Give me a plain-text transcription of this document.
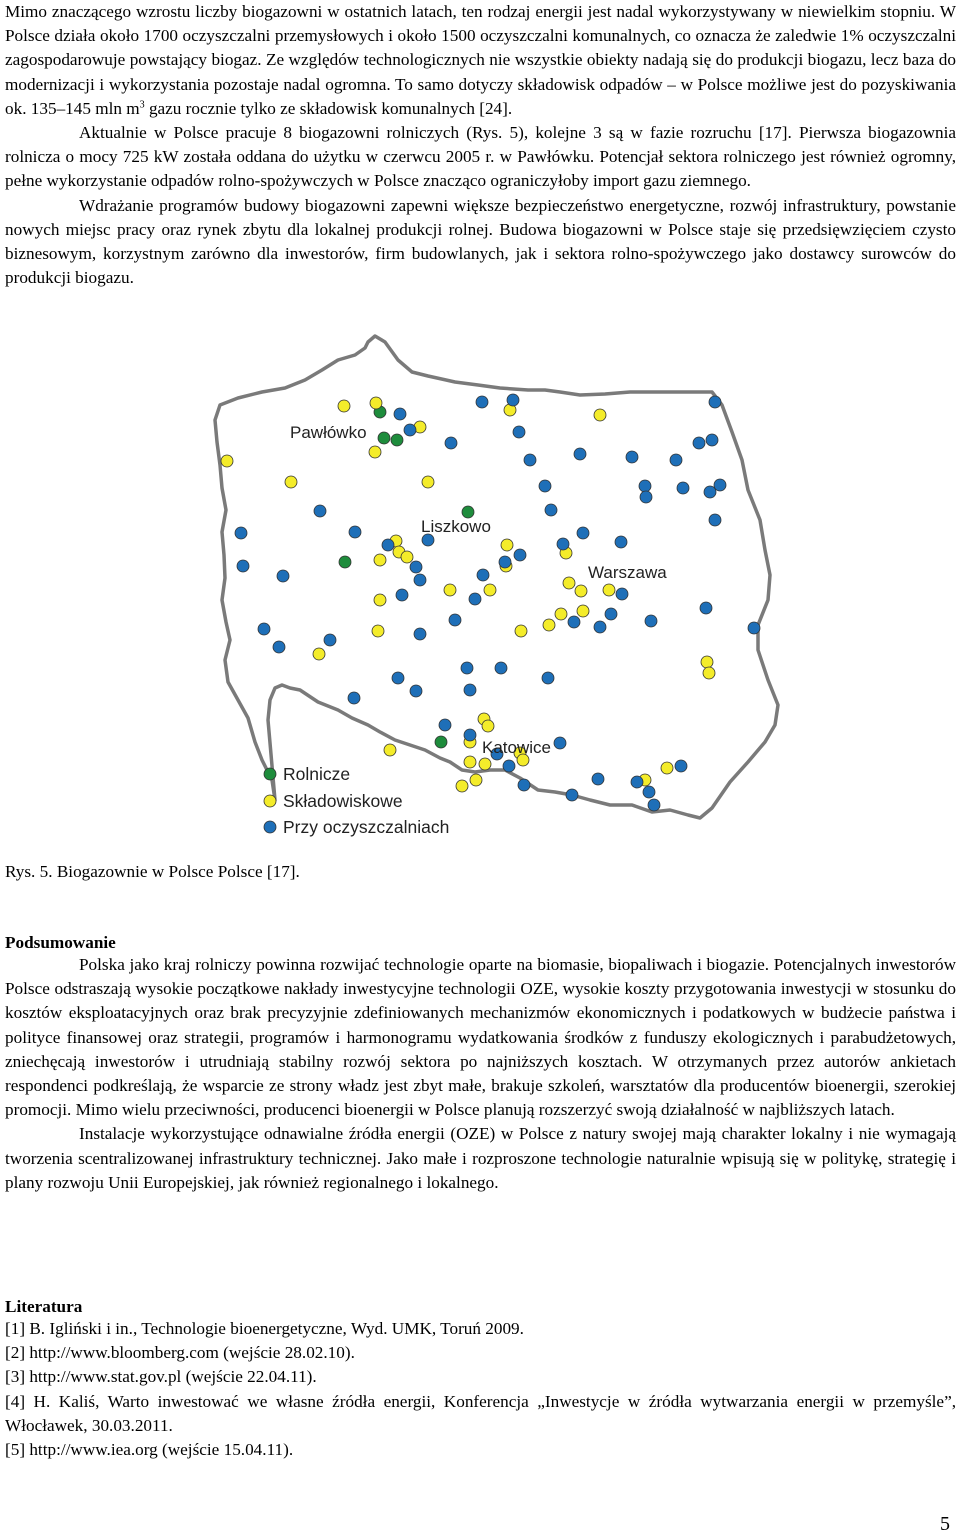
Mimo znaczącego wzrostu liczby biogazowni w ostatnich latach, ten rodzaj energii jest nadal wykorzystywany w niewielkim stopniu. W Polsce działa około 1700 oczyszczalni przemysłowych i około 1500 oczyszczalni komunalnych, co oznacza że zaledwie 1% oczyszczalni zagospodarowuje powstający biogaz. Ze względów technologicznych nie wszystkie obiekty nadają się do produkcji biogazu, lecz baza do modernizacji i wykorzystania pozostaje nadal ogromna. To samo dotyczy składowisk odpadów – w Polsce możliwe jest do pozyskiwania ok. 135–145 mln $m^3$ gazu rocznie tylko ze składowisk komunalnych [24].

Aktualnie w Polsce pracuje 8 biogazowni rolniczych (Rys. 5), kolejne 3 są w fazie rozruchu [17]. Pierwsza biogazownia rolnicza o mocy 725 kW została oddana do użytku w czerwcu 2005 r. w Pawłówku. Potencjał sektora rolniczego jest również ogromny, pełne wykorzystanie odpadów rolno-spożywczych w Polsce znacząco ograniczyłoby import gazu ziemnego.

Wdrażanie programów budowy biogazowni zapewni większe bezpieczeństwo energetyczne, rozwój infrastruktury, powstanie nowych miejsc pracy oraz rynek zbytu dla lokalnej produkcji rolnej. Budowa biogazowni w Polsce staje się przedsięwzięciem czysto biznesowym, korzystnym zarówno dla inwestorów, firm budowlanych, jak i sektora rolno-spożywczego jako dostawcy surowców do produkcji biogazu.

Pawłówko
Liszkowo
Warszawa
Katowice
Rolnicze
Składowiskowe
Przy oczyszczalniach
Rys. 5. Biogazownie w Polsce Polsce [17].

Podsumowanie

Polska jako kraj rolniczy powinna rozwijać technologie oparte na biomasie, biopaliwach i biogazie. Potencjalnych inwestorów Polsce odstraszają wysokie początkowe nakłady inwestycyjne technologii OZE, wysokie koszty przygotowania inwestycji w stosunku do kosztów eksploatacyjnych oraz brak precyzyjnie zdefiniowanych mechanizmów ekonomicznych i podatkowych w budżecie państwa i polityce finansowej oraz strategii, programów i harmonogramu wydatkowania środków z funduszy ekologicznych i parabudżetowych, zniechęcają inwestorów i utrudniają stabilny rozwój sektora po najniższych kosztach. W otrzymanych przez autorów ankietach respondenci podkreślają, że wsparcie ze strony władz jest zbyt małe, brakuje szkoleń, warsztatów dla producentów bioenergii, szerokiej promocji. Mimo wielu przeciwności, producenci bioenergii w Polsce planują rozszerzyć swoją działalność w najbliższych latach.

Instalacje wykorzystujące odnawialne źródła energii (OZE) w Polsce z natury swojej mają charakter lokalny i nie wymagają tworzenia scentralizowanej infrastruktury technicznej. Jako małe i rozproszone technologie naturalnie wpisują się w politykę, strategię i plany rozwoju Unii Europejskiej, jak również regionalnego i lokalnego.

Literatura

[1] B. Igliński i in., Technologie bioenergetyczne, Wyd. UMK, Toruń 2009.

[2] http://www.bloomberg.com (wejście 28.02.10).

[3] http://www.stat.gov.pl (wejście 22.04.11).

[4] H. Kaliś, Warto inwestować we własne źródła energii, Konferencja „Inwestycje w źródła wytwarzania energii w przemyśle”, Włocławek, 30.03.2011.

[5] http://www.iea.org (wejście 15.04.11).

5
